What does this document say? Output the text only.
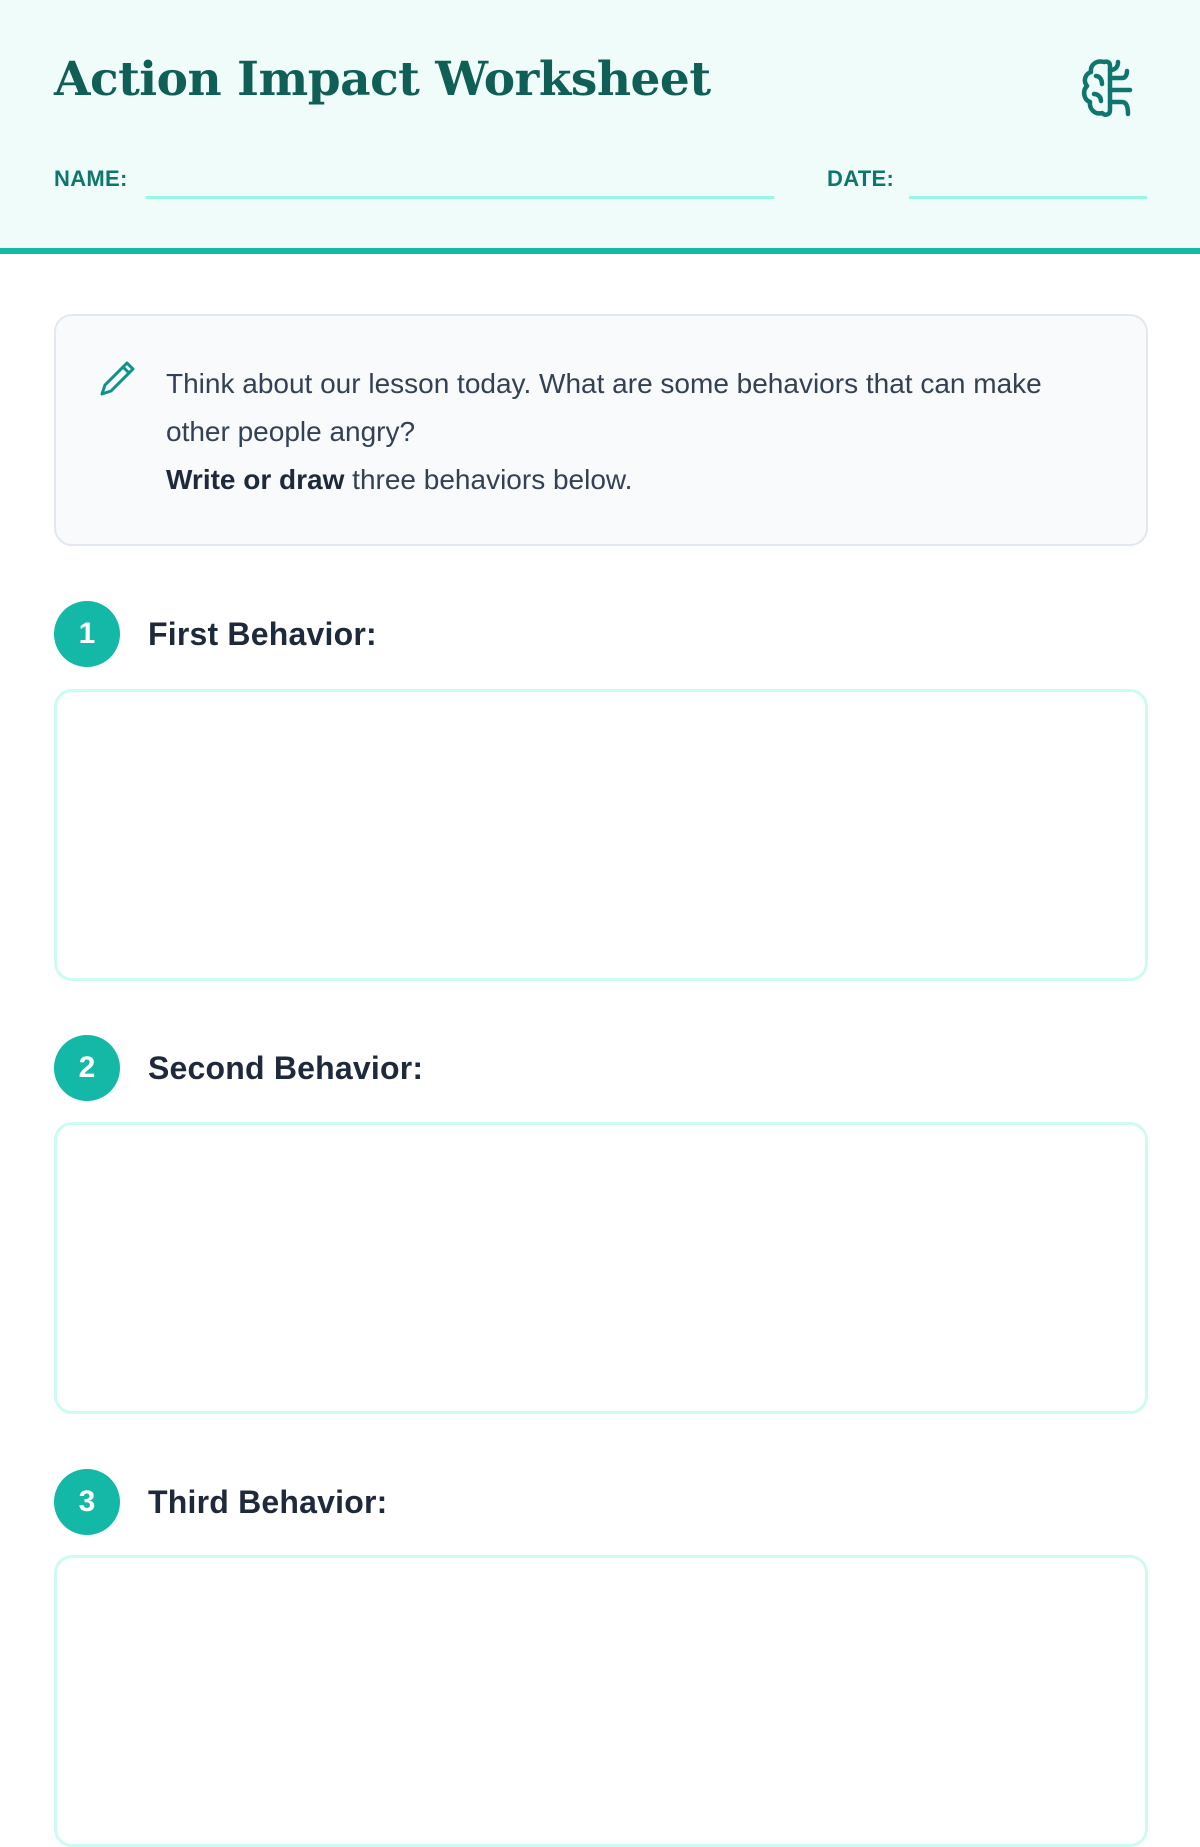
Action Impact Worksheet
NAME:	DATE:

Think about our lesson today. What are some behaviors that can make other people angry?
Write or draw three behaviors below.

1	First Behavior:
2	Second Behavior:
3	Third Behavior:
